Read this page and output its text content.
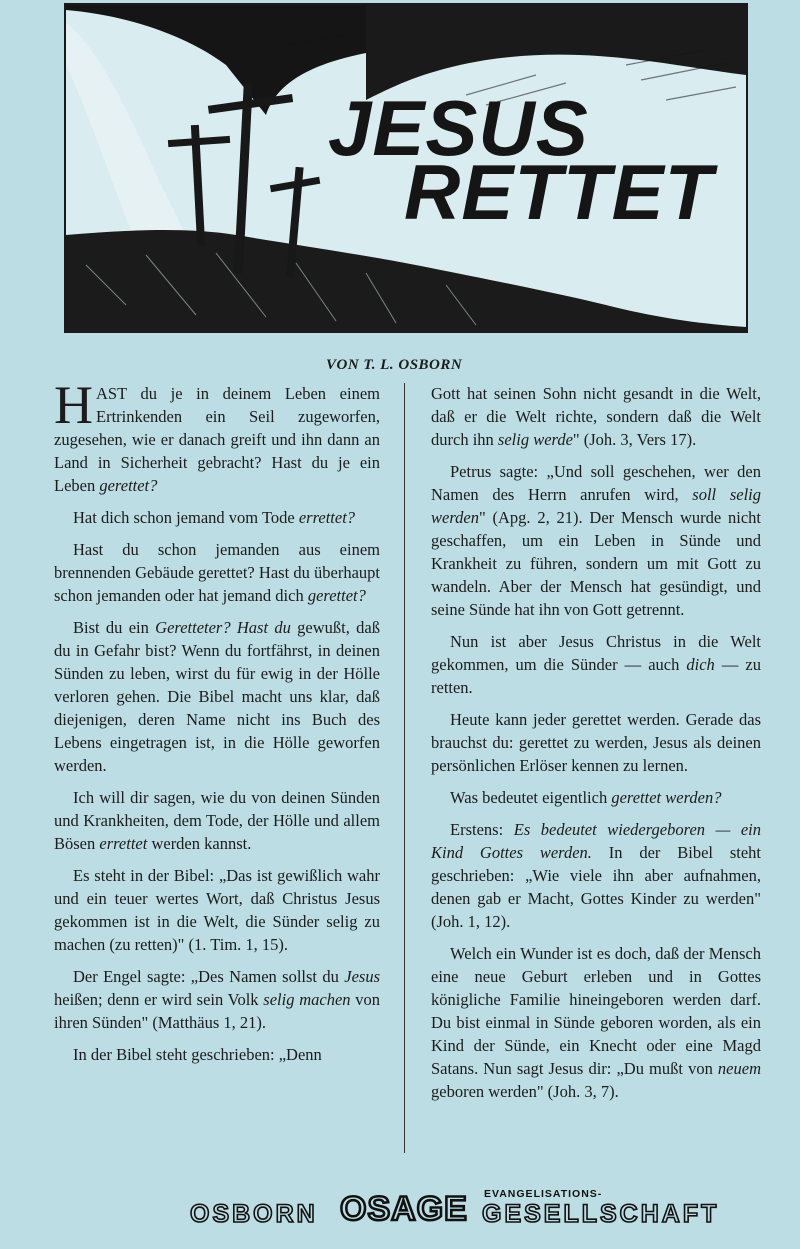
JESUS
RETTET
VON T. L. OSBORN

HAST du je in deinem Leben einem Ertrinkenden ein Seil zugeworfen, zugesehen, wie er danach greift und ihn dann an Land in Sicherheit gebracht? Hast du je ein Leben gerettet?

Hat dich schon jemand vom Tode errettet?

Hast du schon jemanden aus einem brennenden Gebäude gerettet? Hast du überhaupt schon jemanden oder hat jemand dich gerettet?

Bist du ein Geretteter? Hast du gewußt, daß du in Gefahr bist? Wenn du fortfährst, in deinen Sünden zu leben, wirst du für ewig in der Hölle verloren gehen. Die Bibel macht uns klar, daß diejenigen, deren Name nicht ins Buch des Lebens eingetragen ist, in die Hölle geworfen werden.

Ich will dir sagen, wie du von deinen Sünden und Krankheiten, dem Tode, der Hölle und allem Bösen errettet werden kannst.

Es steht in der Bibel: „Das ist gewißlich wahr und ein teuer wertes Wort, daß Christus Jesus gekommen ist in die Welt, die Sünder selig zu machen (zu retten)" (1. Tim. 1, 15).

Der Engel sagte: „Des Namen sollst du Jesus heißen; denn er wird sein Volk selig machen von ihren Sünden" (Matthäus 1, 21).

In der Bibel steht geschrieben: „Denn

Gott hat seinen Sohn nicht gesandt in die Welt, daß er die Welt richte, sondern daß die Welt durch ihn selig werde" (Joh. 3, Vers 17).

Petrus sagte: „Und soll geschehen, wer den Namen des Herrn anrufen wird, soll selig werden" (Apg. 2, 21). Der Mensch wurde nicht geschaffen, um ein Leben in Sünde und Krankheit zu führen, sondern um mit Gott zu wandeln. Aber der Mensch hat gesündigt, und seine Sünde hat ihn von Gott getrennt.

Nun ist aber Jesus Christus in die Welt gekommen, um die Sünder — auch dich — zu retten.

Heute kann jeder gerettet werden. Gerade das brauchst du: gerettet zu werden, Jesus als deinen persönlichen Erlöser kennen zu lernen.

Was bedeutet eigentlich gerettet werden?

Erstens: Es bedeutet wiedergeboren — ein Kind Gottes werden. In der Bibel steht geschrieben: „Wie viele ihn aber aufnahmen, denen gab er Macht, Gottes Kinder zu werden" (Joh. 1, 12).

Welch ein Wunder ist es doch, daß der Mensch eine neue Geburt erleben und in Gottes königliche Familie hineingeboren werden darf. Du bist einmal in Sünde geboren worden, als ein Kind der Sünde, ein Knecht oder eine Magd Satans. Nun sagt Jesus dir: „Du mußt von neuem geboren werden" (Joh. 3, 7).

OSBORN OSAGE EVANGELISATIONS-
GESELLSCHAFT
